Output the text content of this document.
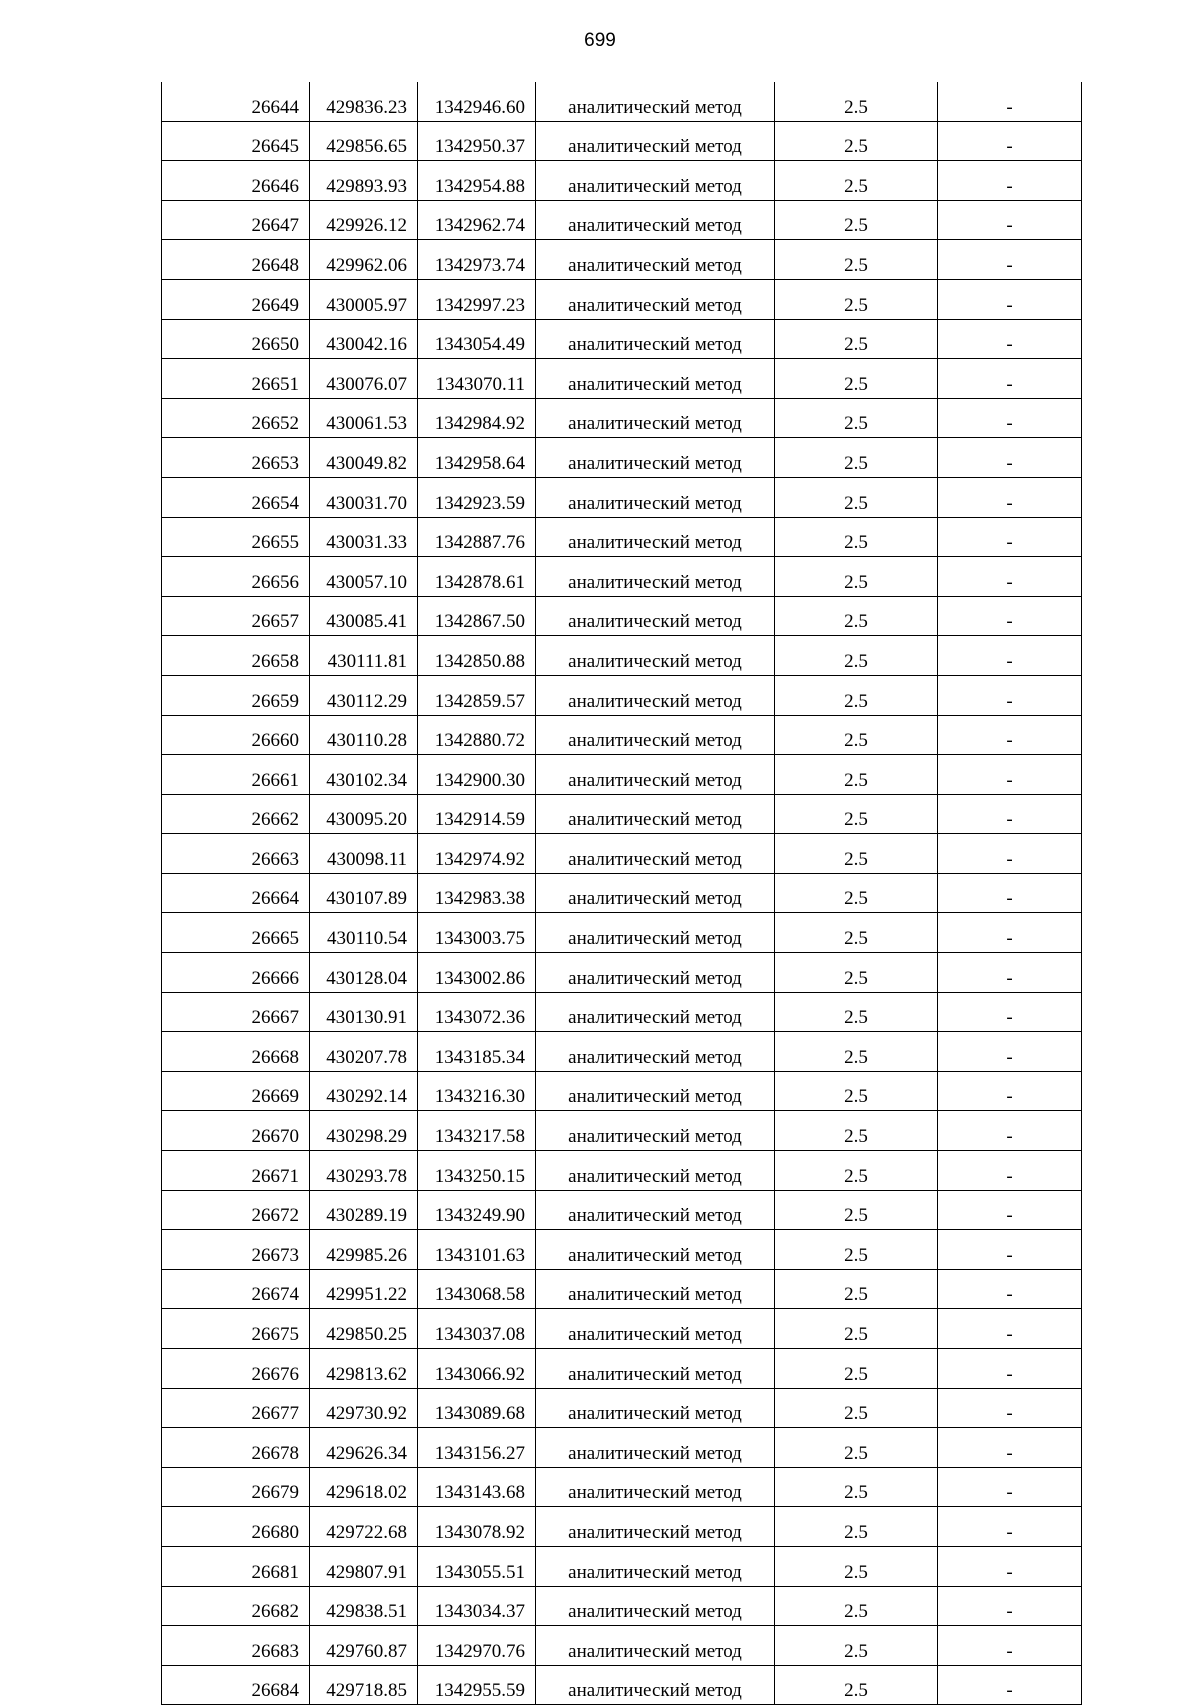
699
26644	429836.23	1342946.60	аналитический метод	2.5	-
26645	429856.65	1342950.37	аналитический метод	2.5	-
26646	429893.93	1342954.88	аналитический метод	2.5	-
26647	429926.12	1342962.74	аналитический метод	2.5	-
26648	429962.06	1342973.74	аналитический метод	2.5	-
26649	430005.97	1342997.23	аналитический метод	2.5	-
26650	430042.16	1343054.49	аналитический метод	2.5	-
26651	430076.07	1343070.11	аналитический метод	2.5	-
26652	430061.53	1342984.92	аналитический метод	2.5	-
26653	430049.82	1342958.64	аналитический метод	2.5	-
26654	430031.70	1342923.59	аналитический метод	2.5	-
26655	430031.33	1342887.76	аналитический метод	2.5	-
26656	430057.10	1342878.61	аналитический метод	2.5	-
26657	430085.41	1342867.50	аналитический метод	2.5	-
26658	430111.81	1342850.88	аналитический метод	2.5	-
26659	430112.29	1342859.57	аналитический метод	2.5	-
26660	430110.28	1342880.72	аналитический метод	2.5	-
26661	430102.34	1342900.30	аналитический метод	2.5	-
26662	430095.20	1342914.59	аналитический метод	2.5	-
26663	430098.11	1342974.92	аналитический метод	2.5	-
26664	430107.89	1342983.38	аналитический метод	2.5	-
26665	430110.54	1343003.75	аналитический метод	2.5	-
26666	430128.04	1343002.86	аналитический метод	2.5	-
26667	430130.91	1343072.36	аналитический метод	2.5	-
26668	430207.78	1343185.34	аналитический метод	2.5	-
26669	430292.14	1343216.30	аналитический метод	2.5	-
26670	430298.29	1343217.58	аналитический метод	2.5	-
26671	430293.78	1343250.15	аналитический метод	2.5	-
26672	430289.19	1343249.90	аналитический метод	2.5	-
26673	429985.26	1343101.63	аналитический метод	2.5	-
26674	429951.22	1343068.58	аналитический метод	2.5	-
26675	429850.25	1343037.08	аналитический метод	2.5	-
26676	429813.62	1343066.92	аналитический метод	2.5	-
26677	429730.92	1343089.68	аналитический метод	2.5	-
26678	429626.34	1343156.27	аналитический метод	2.5	-
26679	429618.02	1343143.68	аналитический метод	2.5	-
26680	429722.68	1343078.92	аналитический метод	2.5	-
26681	429807.91	1343055.51	аналитический метод	2.5	-
26682	429838.51	1343034.37	аналитический метод	2.5	-
26683	429760.87	1342970.76	аналитический метод	2.5	-
26684	429718.85	1342955.59	аналитический метод	2.5	-
